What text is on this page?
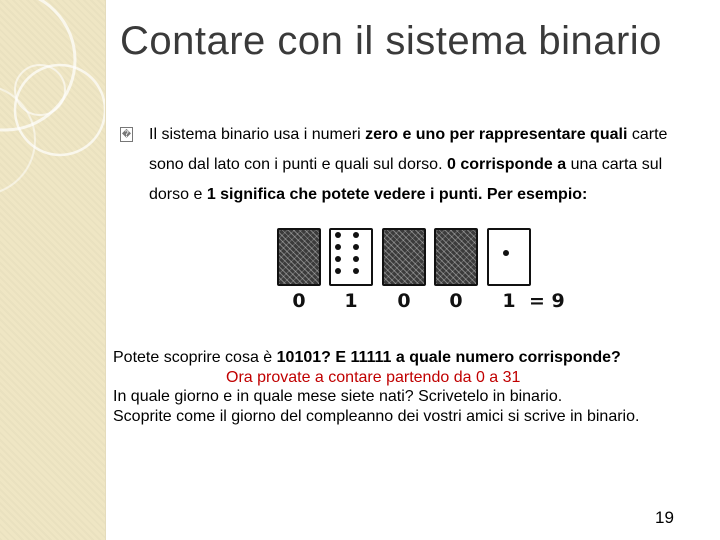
Contare con il sistema binario
� Il sistema binario usa i numeri zero e uno per rappresentare quali carte sono dal lato con i punti e quali sul dorso. 0 corrisponde a una carta sul dorso e 1 significa che potete vedere i punti. Per esempio:
= 9
0	1	0	0	1
Potete scoprire cosa è 10101? E 11111 a quale numero corrisponde?
Ora provate a contare partendo da 0 a 31
In quale giorno e in quale mese siete nati? Scrivetelo in binario.
Scoprite come il giorno del compleanno dei vostri amici si scrive in binario.
19
